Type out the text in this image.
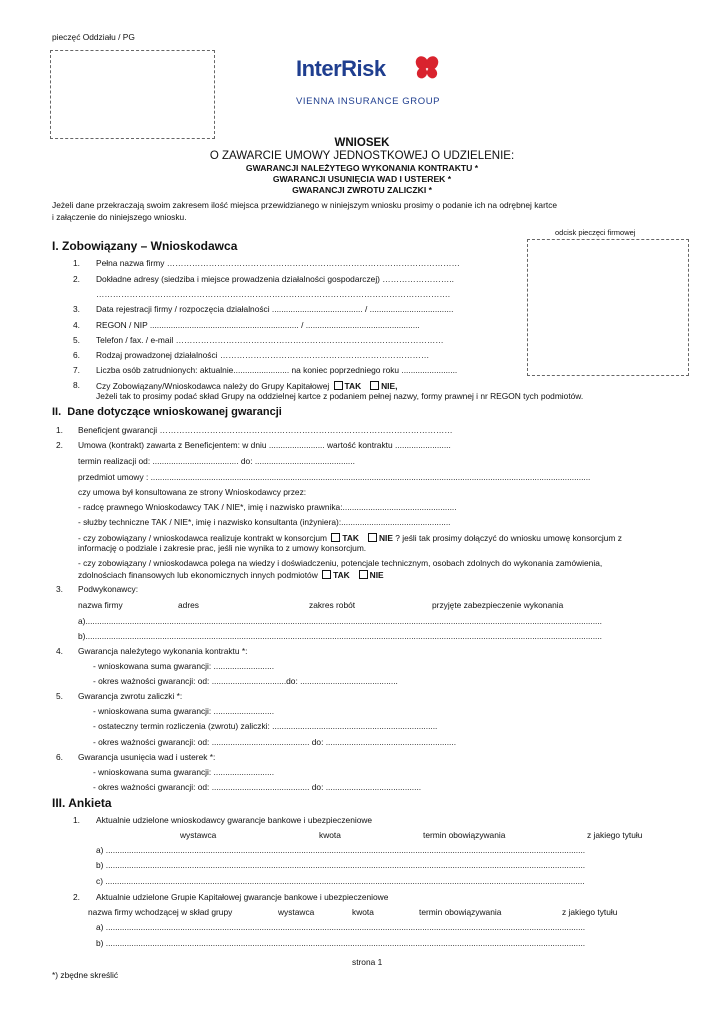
pieczęć Oddziału / PG
InterRisk
VIENNA INSURANCE GROUP
WNIOSEK
O ZAWARCIE UMOWY JEDNOSTKOWEJ O UDZIELENIE:
GWARANCJI NALEŻYTEGO WYKONANIA KONTRAKTU *
GWARANCJI USUNIĘCIA WAD I USTEREK *
GWARANCJI ZWROTU ZALICZKI *
Jeżeli dane przekraczają swoim zakresem ilość miejsca przewidzianego w niniejszym wniosku prosimy o podanie ich na odrębnej kartce
i załączenie do niniejszego wniosku.
odcisk pieczęci firmowej
I. Zobowiązany – Wnioskodawca
1. Pełna nazwa firmy ……………………………………………………………………………………………
2. Dokładne adresy (siedziba i miejsce prowadzenia działalności gospodarczej) ……………………..
……………………………………………………………………………………………………………….
3. Data rejestracji firmy / rozpoczęcia działalności ....................................... / ....................................
4. REGON / NIP ................................................................ / .................................................
5. Telefon / fax. / e-mail ……………………………………………………………………………………
6. Rodzaj prowadzonej działalności …………………………………………………………………
7. Liczba osób zatrudnionych: aktualnie........................ na koniec poprzedniego roku ........................
8. Czy Zobowiązany/Wnioskodawca należy do Grupy Kapitałowej TAK NIE,
Jeżeli tak to prosimy podać skład Grupy na oddzielnej kartce z podaniem pełnej nazwy, formy prawnej i nr REGON tych podmiotów.
II. Dane dotyczące wnioskowanej gwarancji
1. Beneficjent gwarancji ……………………………………………………………………………………………
2. Umowa (kontrakt) zawarta z Beneficjentem: w dniu ........................ wartość kontraktu ........................
termin realizacji od: ..................................... do: ...........................................
przedmiot umowy : .............................................................................................................................................................................................
czy umowa był konsultowana ze strony Wnioskodawcy przez:
- radcę prawnego Wnioskodawcy TAK / NIE*, imię i nazwisko prawnika:.................................................
- służby techniczne TAK / NIE*, imię i nazwisko konsultanta (inżyniera):...............................................
- czy zobowiązany / wnioskodawca realizuje kontrakt w konsorcjum TAK NIE ? jeśli tak prosimy dołączyć do wniosku umowę konsorcjum z
informację o podziale i zakresie prac, jeśli nie wynika to z umowy konsorcjum.
- czy zobowiązany / wnioskodawca polega na wiedzy i doświadczeniu, potencjale technicznym, osobach zdolnych do wykonania zamówienia,
zdolnościach finansowych lub ekonomicznych innych podmiotów TAK NIE
3. Podwykonawcy:
nazwa firmy	adres	zakres robót	przyjęte zabezpieczenie wykonania
a)..............................................................................................................................................................................................................................
b)..............................................................................................................................................................................................................................
4. Gwarancja należytego wykonania kontraktu *:
- wnioskowana suma gwarancji: ..........................
- okres ważności gwarancji: od: ................................do: ..........................................
5. Gwarancja zwrotu zaliczki *:
- wnioskowana suma gwarancji: ..........................
- ostateczny termin rozliczenia (zwrotu) zaliczki: .......................................................................
- okres ważności gwarancji: od: .......................................... do: ........................................................
6. Gwarancja usunięcia wad i usterek *:
- wnioskowana suma gwarancji: ..........................
- okres ważności gwarancji: od: .......................................... do: .........................................
III. Ankieta
1. Aktualnie udzielone wnioskodawcy gwarancje bankowe i ubezpieczeniowe
wystawca	kwota	termin obowiązywania	z jakiego tytułu
a) ..............................................................................................................................................................................................................
b) ..............................................................................................................................................................................................................
c) ..............................................................................................................................................................................................................
2. Aktualnie udzielone Grupie Kapitałowej gwarancje bankowe i ubezpieczeniowe
nazwa firmy wchodzącej w skład grupy	wystawca	kwota	termin obowiązywania	z jakiego tytułu
a) ..............................................................................................................................................................................................................
b) ..............................................................................................................................................................................................................
strona 1
*) zbędne skreślić
